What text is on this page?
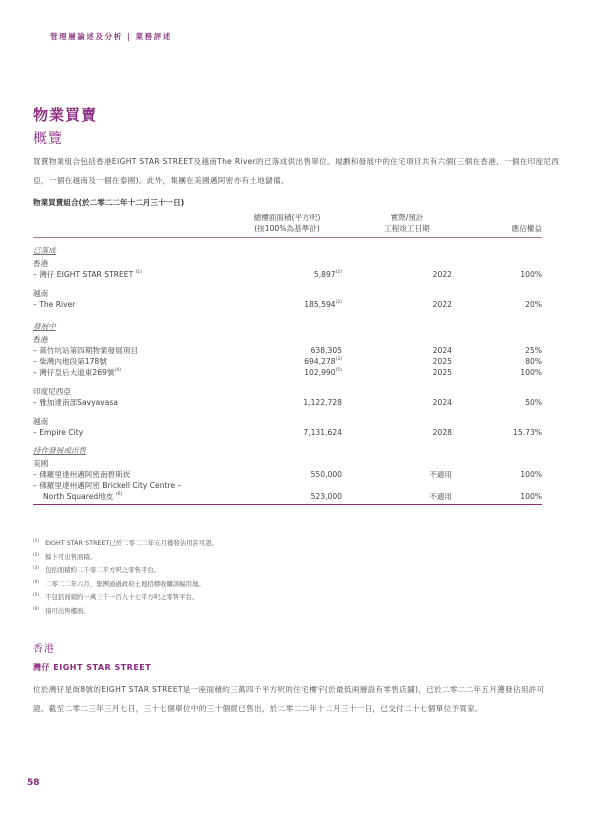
管理層論述及分析 | 業務評述
物業買賣
概覽
買賣物業組合包括香港EIGHT STAR STREET及越南The River的已落成供出售單位。規劃和發展中的住宅項目共有六個(三個在香港，一個在印度尼西亞，一個在越南及一個在泰國)。此外，集團在美國邁阿密亦有土地儲備。
物業買賣組合(於二零二二年十二月三十一日)
總樓面面積(平方呎)
(按100%為基準計)
實際/預計
工程竣工日期	應佔權益
已落成
香港
– 灣仔 EIGHT STAR STREET $^{(1)}$	5,897$^{(2)}$	2022	100%
越南
– The River	185,594$^{(2)}$	2022	20%
發展中
香港
– 黃竹坑站第四期物業發展項目	638,305	2024	25%
– 柴灣內地段第178號	694,278$^{(3)}$	2025	80%
– 灣仔皇后大道東269號$^{(4)}$	102,990$^{(5)}$	2025	100%
印度尼西亞
– 雅加達南部Savyavasa	1,122,728	2024	50%
越南
– Empire City	7,131,624	2028	15.73%
持作發展或出售
美國
– 佛羅里達州邁阿密南碧斯崁	550,000	不適用	100%
– 佛羅里達州邁阿密 Brickell City Centre –
North Squared地皮 $^{(6)}$	523,000	不適用	100%
$^{(1)}$ EIGHT STAR STREET已於二零二二年五月獲發佔用許可證。
$^{(2)}$ 餘下可出售面積。
$^{(3)}$ 包括面積約二千零二平方呎之零售平台。
$^{(4)}$ 二零二二年六月，集團通過政府土地招標收購該幅用地。
$^{(5)}$ 不包括面積約一萬三千一百九十七平方呎之零售平台。
$^{(6)}$ 指可出售樓面。
香港
灣仔 EIGHT STAR STREET
位於灣仔星街8號的EIGHT STAR STREET是一座面積約三萬四千平方呎的住宅樓宇(於最低兩層設有零售店舖)，已於二零二二年五月獲發佔用許可證。截至二零二三年三月七日，三十七個單位中的三十個經已售出，於二零二二年十二月三十一日，已交付二十七個單位予買家。
58
